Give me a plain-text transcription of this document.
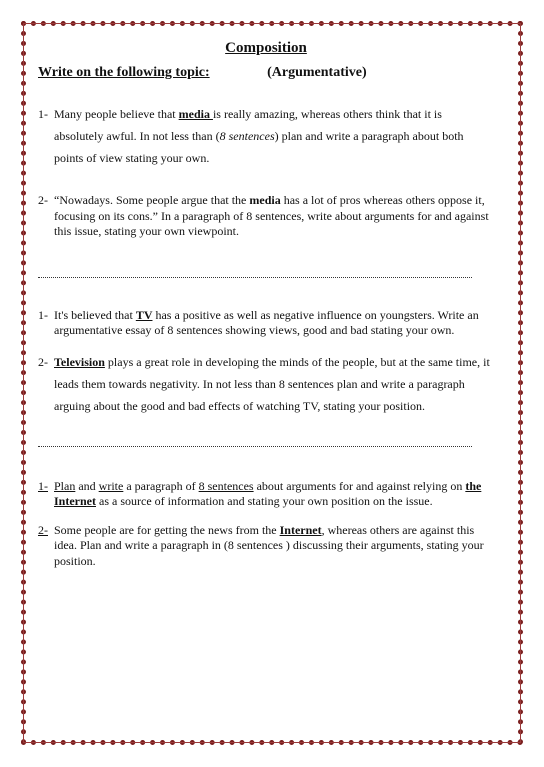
Composition
Write on the following topic:	(Argumentative)
1- Many people believe that media is really amazing, whereas others think that it is absolutely awful. In not less than (8 sentences) plan and write a paragraph about both points of view stating your own.
2- “Nowadays. Some people argue that the media has a lot of pros whereas others oppose it, focusing on its cons.” In a paragraph of 8 sentences, write about arguments for and against this issue, stating your own viewpoint.
1- It's believed that TV has a positive as well as negative influence on youngsters. Write an argumentative essay of 8 sentences showing views, good and bad stating your own.
2- Television plays a great role in developing the minds of the people, but at the same time, it leads them towards negativity. In not less than 8 sentences plan and write a paragraph arguing about the good and bad effects of watching TV, stating your position.
1- Plan and write a paragraph of 8 sentences about arguments for and against relying on the Internet as a source of information and stating your own position on the issue.
2- Some people are for getting the news from the Internet, whereas others are against this idea. Plan and write a paragraph in (8 sentences ) discussing their arguments, stating your position.
